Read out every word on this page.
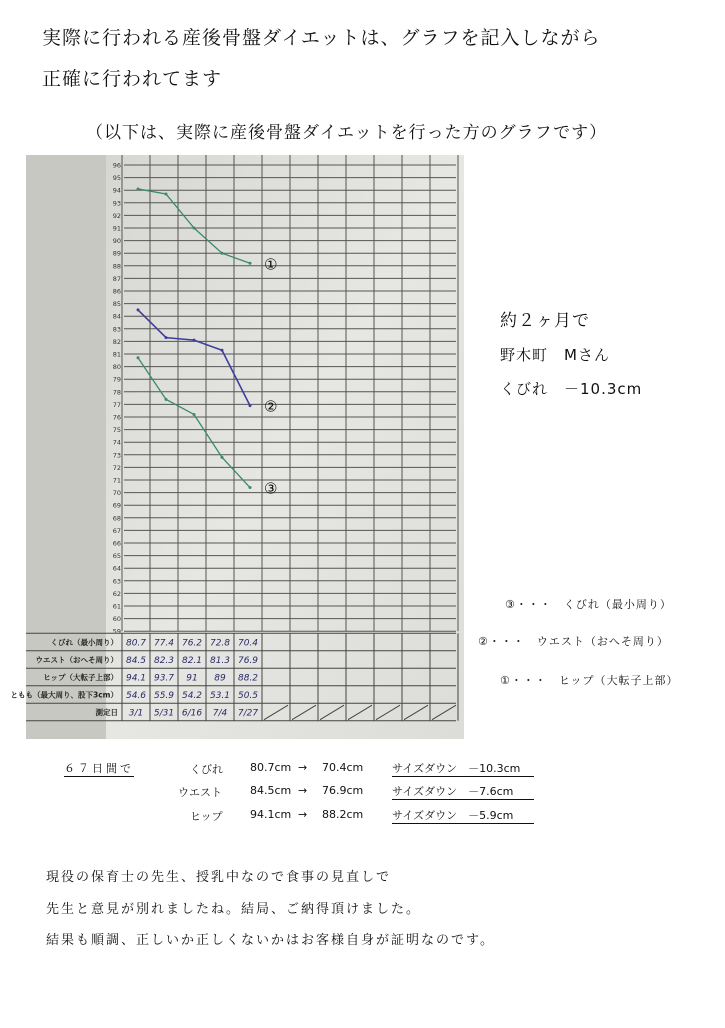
実際に行われる産後骨盤ダイエットは、グラフを記入しながら
正確に行われてます
（以下は、実際に産後骨盤ダイエットを行った方のグラフです）
96
95
94
93
92
91
90
89
88
87
86
85
84
83
82
81
80
79
78
77
76
75
74
73
72
71
70
69
68
67
66
65
64
63
62
61
60
59
くびれ（最小周り） 80.7 77.4 76.2 72.8 70.4
ウエスト（おへそ周り） 84.5 82.3 82.1 81.3 76.9
ヒップ（大転子上部） 94.1 93.7 91 89 88.2
ともも（最大周り、股下3cm） 54.6 55.9 54.2 53.1 50.5
測定日 3/1 5/31 6/16 7/4 7/27
①
②
③
約２ヶ月で
野木町　Mさん
くびれ　－10.3cm
③・・・　くびれ（最小周り）
②・・・　ウエスト（おへそ周り）
①・・・　ヒップ（大転子上部）
６７日間で	くびれ 80.7cm → 70.4cm	サイズダウン　－10.3cm
ウエスト	84.5cm → 76.9cm	サイズダウン　－7.6cm
ヒップ 94.1cm → 88.2cm	サイズダウン　－5.9cm
現役の保育士の先生、授乳中なので食事の見直しで
先生と意見が別れましたね。結局、ご納得頂けました。
結果も順調、正しいか正しくないかはお客様自身が証明なのです。
